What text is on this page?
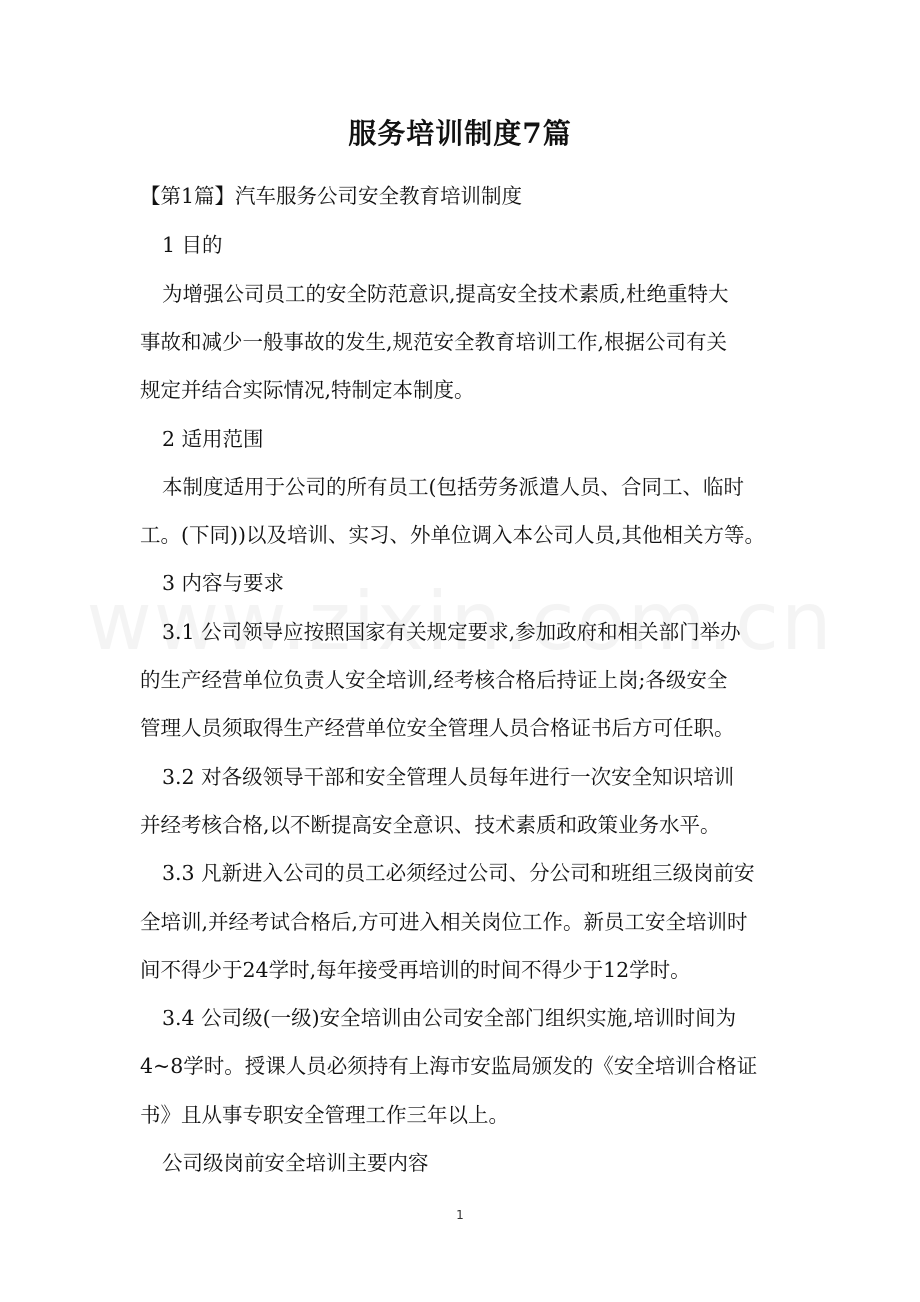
服务培训制度7篇
【第1篇】汽车服务公司安全教育培训制度
1 目的
为增强公司员工的安全防范意识,提高安全技术素质,杜绝重特大
事故和减少一般事故的发生,规范安全教育培训工作,根据公司有关
规定并结合实际情况,特制定本制度。
2 适用范围
本制度适用于公司的所有员工(包括劳务派遣人员、合同工、临时
工。(下同))以及培训、实习、外单位调入本公司人员,其他相关方等。
3 内容与要求
3.1 公司领导应按照国家有关规定要求,参加政府和相关部门举办
的生产经营单位负责人安全培训,经考核合格后持证上岗;各级安全
管理人员须取得生产经营单位安全管理人员合格证书后方可任职。
3.2 对各级领导干部和安全管理人员每年进行一次安全知识培训
并经考核合格,以不断提高安全意识、技术素质和政策业务水平。
3.3 凡新进入公司的员工必须经过公司、分公司和班组三级岗前安
全培训,并经考试合格后,方可进入相关岗位工作。新员工安全培训时
间不得少于24学时,每年接受再培训的时间不得少于12学时。
3.4 公司级(一级)安全培训由公司安全部门组织实施,培训时间为
4~8学时。授课人员必须持有上海市安监局颁发的《安全培训合格证
书》且从事专职安全管理工作三年以上。
公司级岗前安全培训主要内容
1
